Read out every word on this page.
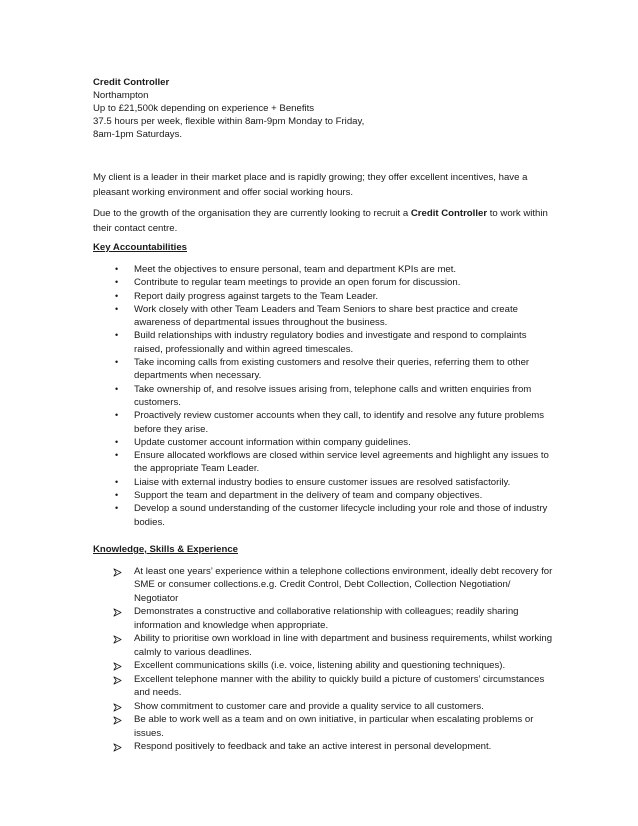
Credit Controller
Northampton
Up to £21,500k depending on experience + Benefits
37.5 hours per week, flexible within 8am-9pm Monday to Friday,
8am-1pm Saturdays.

My client is a leader in their market place and is rapidly growing; they offer excellent incentives, have a pleasant working environment and offer social working hours.

Due to the growth of the organisation they are currently looking to recruit a Credit Controller to work within their contact centre.

Key Accountabilities
• Meet the objectives to ensure personal, team and department KPIs are met.
• Contribute to regular team meetings to provide an open forum for discussion.
• Report daily progress against targets to the Team Leader.
• Work closely with other Team Leaders and Team Seniors to share best practice and create awareness of departmental issues throughout the business.
• Build relationships with industry regulatory bodies and investigate and respond to complaints raised, professionally and within agreed timescales.
• Take incoming calls from existing customers and resolve their queries, referring them to other departments when necessary.
• Take ownership of, and resolve issues arising from, telephone calls and written enquiries from customers.
• Proactively review customer accounts when they call, to identify and resolve any future problems before they arise.
• Update customer account information within company guidelines.
• Ensure allocated workflows are closed within service level agreements and highlight any issues to the appropriate Team Leader.
• Liaise with external industry bodies to ensure customer issues are resolved satisfactorily.
• Support the team and department in the delivery of team and company objectives.
• Develop a sound understanding of the customer lifecycle including your role and those of industry bodies.
Knowledge, Skills & Experience
At least one years’ experience within a telephone collections environment, ideally debt recovery for SME or consumer collections.e.g. Credit Control, Debt Collection, Collection Negotiation/ Negotiator
Demonstrates a constructive and collaborative relationship with colleagues; readily sharing information and knowledge when appropriate.
Ability to prioritise own workload in line with department and business requirements, whilst working calmly to various deadlines.
Excellent communications skills (i.e. voice, listening ability and questioning techniques).
Excellent telephone manner with the ability to quickly build a picture of customers’ circumstances and needs.
Show commitment to customer care and provide a quality service to all customers.
Be able to work well as a team and on own initiative, in particular when escalating problems or issues.
Respond positively to feedback and take an active interest in personal development.
